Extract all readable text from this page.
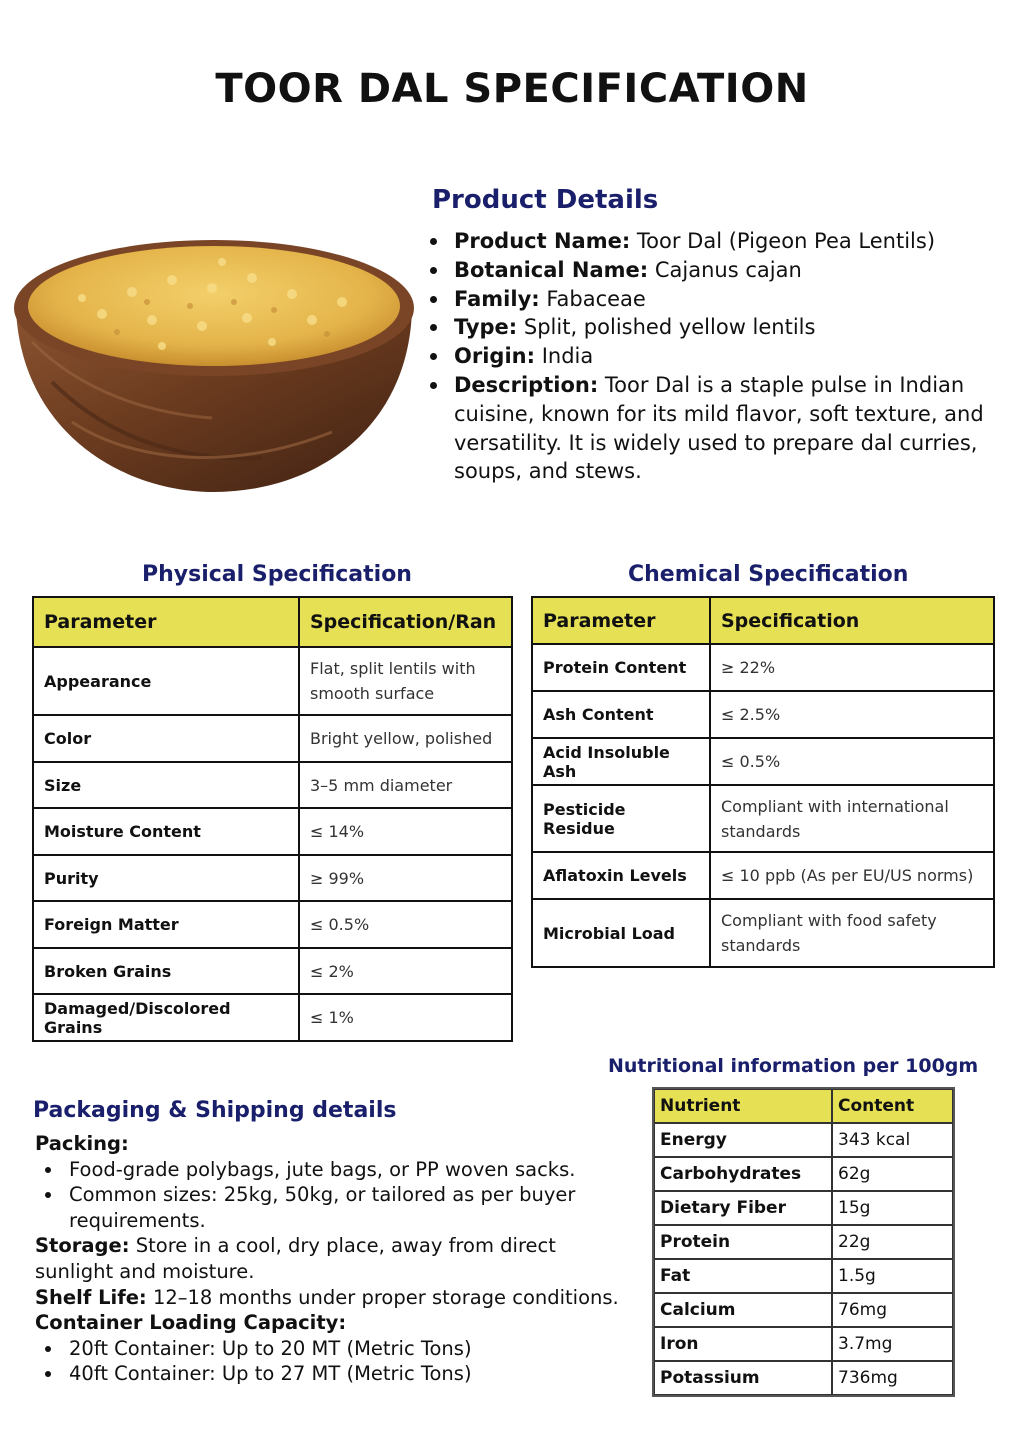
TOOR DAL SPECIFICATION
Product Details
Product Name: Toor Dal (Pigeon Pea Lentils)
Botanical Name: Cajanus cajan
Family: Fabaceae
Type: Split, polished yellow lentils
Origin: India
Description: Toor Dal is a staple pulse in Indian cuisine, known for its mild flavor, soft texture, and versatility. It is widely used to prepare dal curries, soups, and stews.
Physical Specification
Parameter	Specification/Ran
Appearance	Flat, split lentils with smooth surface
Color	Bright yellow, polished
Size	3–5 mm diameter
Moisture Content	≤ 14%
Purity	≥ 99%
Foreign Matter	≤ 0.5%
Broken Grains	≤ 2%
Damaged/Discolored Grains	≤ 1%
Chemical Specification
Parameter	Specification
Protein Content	≥ 22%
Ash Content	≤ 2.5%
Acid Insoluble Ash	≤ 0.5%
Pesticide Residue	Compliant with international standards
Aflatoxin Levels	≤ 10 ppb (As per EU/US norms)
Microbial Load	Compliant with food safety standards
Nutritional information per 100gm
Nutrient	Content
Energy	343 kcal
Carbohydrates	62g
Dietary Fiber	15g
Protein	22g
Fat	1.5g
Calcium	76mg
Iron	3.7mg
Potassium	736mg
Packaging & Shipping details
Packing:
Food-grade polybags, jute bags, or PP woven sacks.
Common sizes: 25kg, 50kg, or tailored as per buyer requirements.
Storage: Store in a cool, dry place, away from direct sunlight and moisture.
Shelf Life: 12–18 months under proper storage conditions.
Container Loading Capacity:
20ft Container: Up to 20 MT (Metric Tons)
40ft Container: Up to 27 MT (Metric Tons)
